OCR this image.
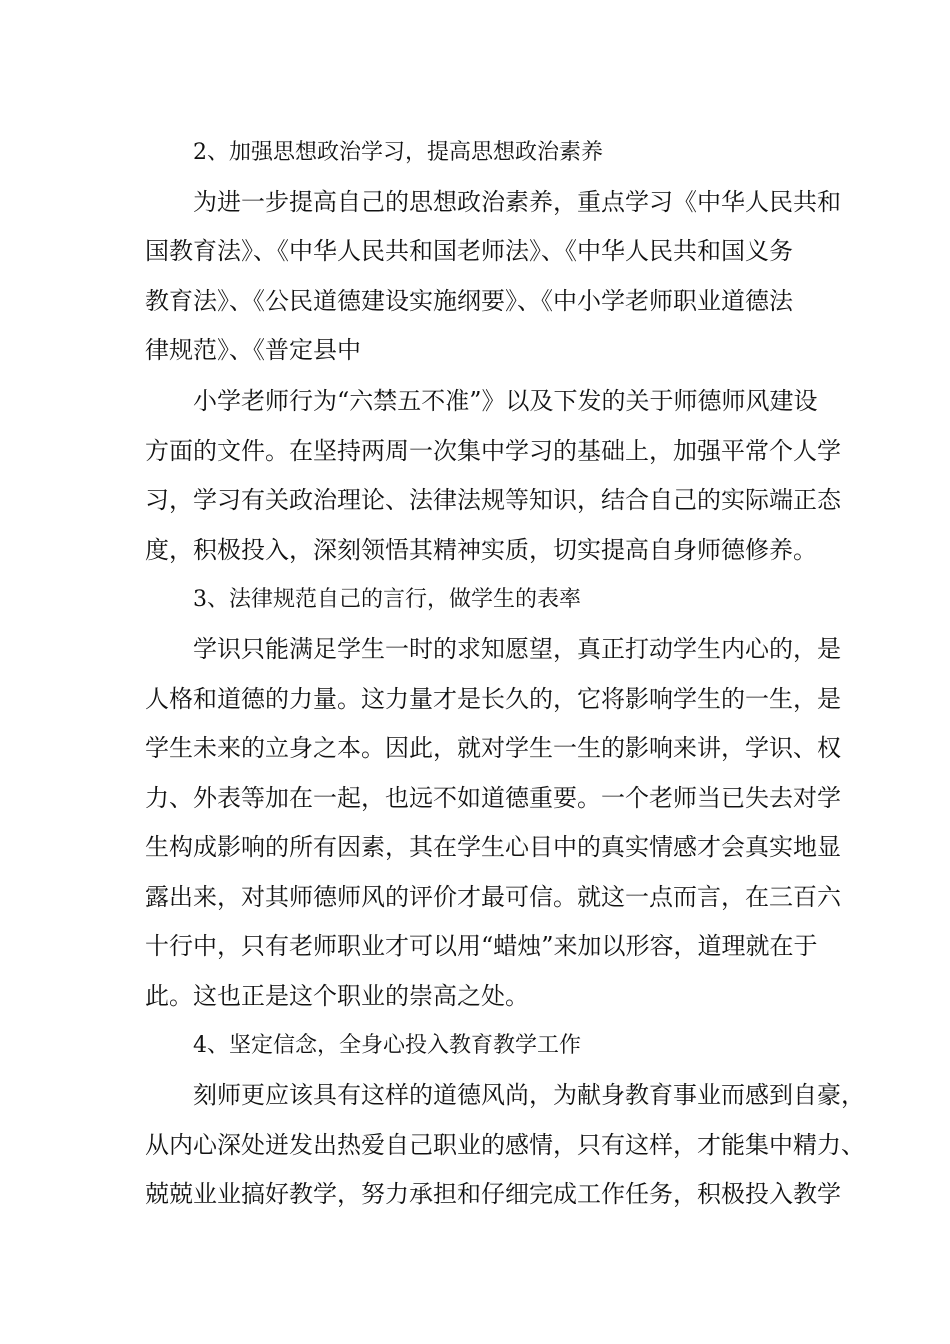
2、加强思想政治学习，提高思想政治素养
为进一步提高自己的思想政治素养，重点学习《中华人民共和
国教育法》、《中华人民共和国老师法》、《中华人民共和国义务
教育法》、《公民道德建设实施纲要》、《中小学老师职业道德法
律规范》、《普定县中
小学老师行为“六禁五不准”》以及下发的关于师德师风建设
方面的文件。在坚持两周一次集中学习的基础上，加强平常个人学
习，学习有关政治理论、法律法规等知识，结合自己的实际端正态
度，积极投入，深刻领悟其精神实质，切实提高自身师德修养。
3、法律规范自己的言行，做学生的表率
学识只能满足学生一时的求知愿望，真正打动学生内心的，是
人格和道德的力量。这力量才是长久的，它将影响学生的一生，是
学生未来的立身之本。因此，就对学生一生的影响来讲，学识、权
力、外表等加在一起，也远不如道德重要。一个老师当已失去对学
生构成影响的所有因素，其在学生心目中的真实情感才会真实地显
露出来，对其师德师风的评价才最可信。就这一点而言，在三百六
十行中，只有老师职业才可以用“蜡烛”来加以形容，道理就在于
此。这也正是这个职业的崇高之处。
4、坚定信念，全身心投入教育教学工作
刻师更应该具有这样的道德风尚，为献身教育事业而感到自豪，
从内心深处迸发出热爱自己职业的感情，只有这样，才能集中精力、
兢兢业业搞好教学，努力承担和仔细完成工作任务，积极投入教学
